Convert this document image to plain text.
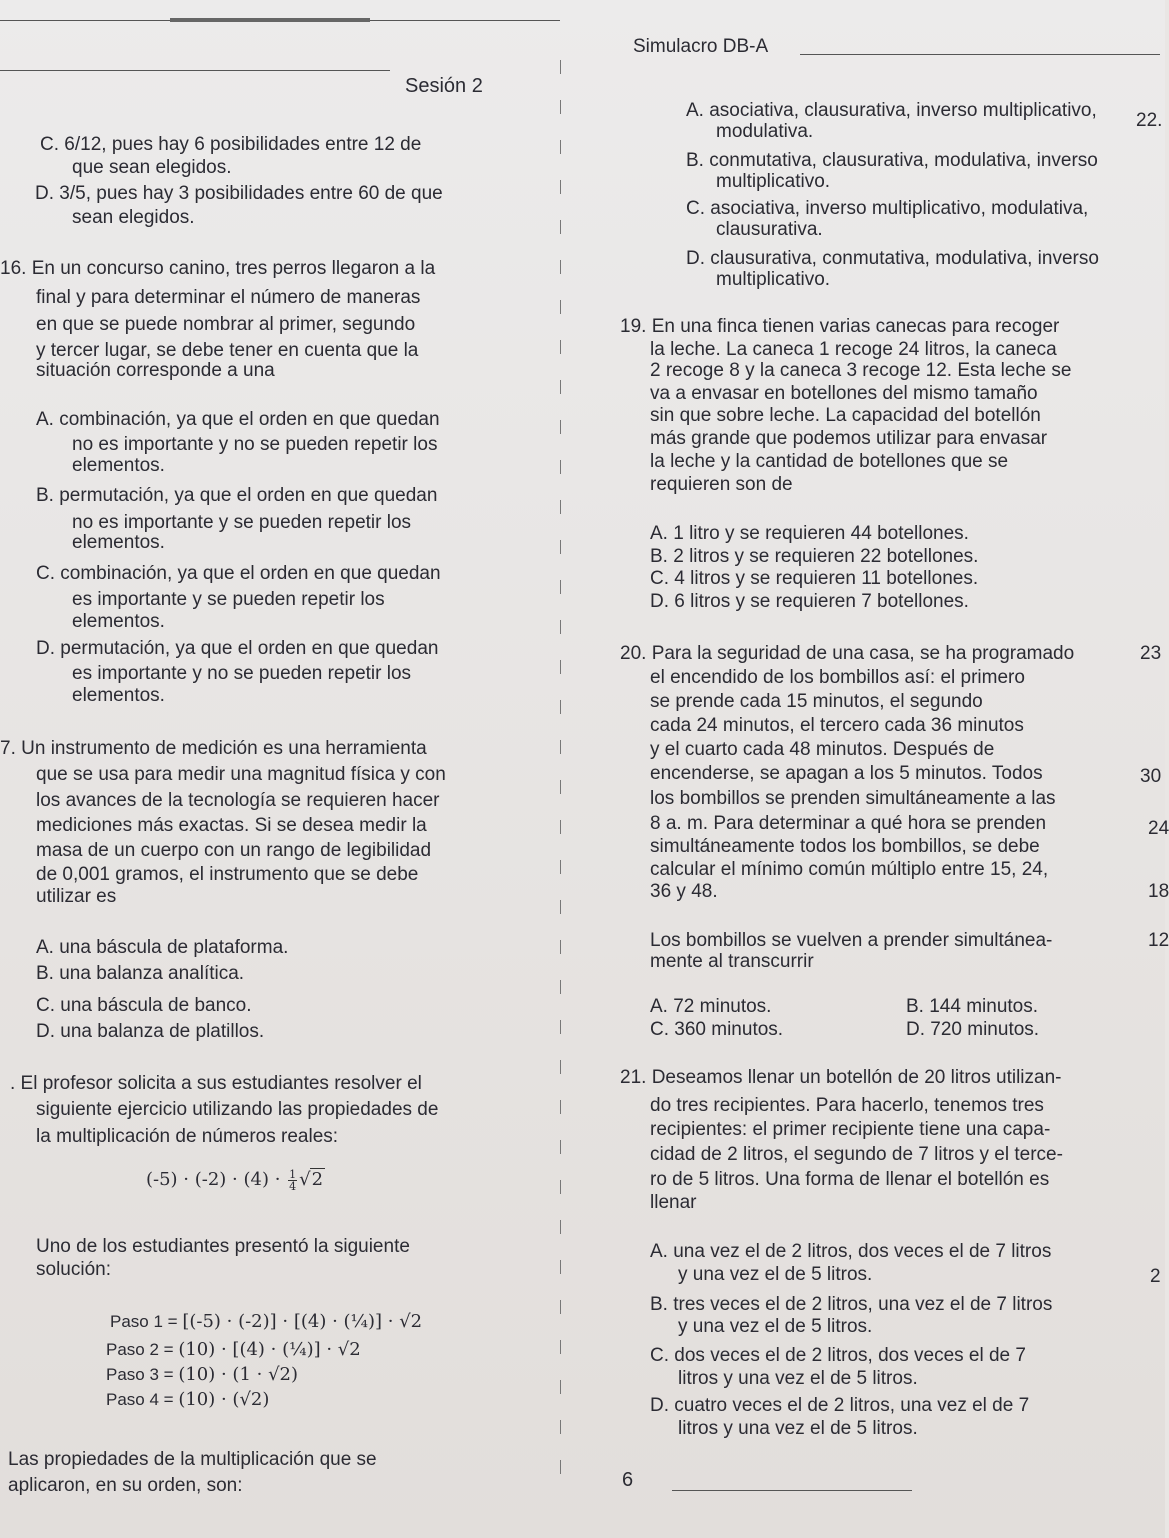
Simulacro DB-A
Sesión 2
C. 6/12, pues hay 6 posibilidades entre 12 de
que sean elegidos.
D. 3/5, pues hay 3 posibilidades entre 60 de que
sean elegidos.
16. En un concurso canino, tres perros llegaron a la
final y para determinar el número de maneras
en que se puede nombrar al primer, segundo
y tercer lugar, se debe tener en cuenta que la
situación corresponde a una
A. combinación, ya que el orden en que quedan
no es importante y no se pueden repetir los
elementos.
B. permutación, ya que el orden en que quedan
no es importante y se pueden repetir los
elementos.
C. combinación, ya que el orden en que quedan
es importante y se pueden repetir los
elementos.
D. permutación, ya que el orden en que quedan
es importante y no se pueden repetir los
elementos.
7. Un instrumento de medición es una herramienta
que se usa para medir una magnitud física y con
los avances de la tecnología se requieren hacer
mediciones más exactas. Si se desea medir la
masa de un cuerpo con un rango de legibilidad
de 0,001 gramos, el instrumento que se debe
utilizar es
A. una báscula de plataforma.
B. una balanza analítica.
C. una báscula de banco.
D. una balanza de platillos.
. El profesor solicita a sus estudiantes resolver el
siguiente ejercicio utilizando las propiedades de
la multiplicación de números reales:
$(-5) \cdot (-2) \cdot (4) \cdot \frac{1}{4} √2$
Uno de los estudiantes presentó la siguiente
solución:
Paso 1 = [(-5) · (-2)] · [(4) · (¼)] · √2
Paso 2 = (10) · [(4) · (¼)] · √2
Paso 3 = (10) · (1 · √2)
Paso 4 = (10) · (√2)
Las propiedades de la multiplicación que se
aplicaron, en su orden, son:
A. asociativa, clausurativa, inverso multiplicativo,
modulativa.
B. conmutativa, clausurativa, modulativa, inverso
multiplicativo.
C. asociativa, inverso multiplicativo, modulativa,
clausurativa.
D. clausurativa, conmutativa, modulativa, inverso
multiplicativo.
19. En una finca tienen varias canecas para recoger
la leche. La caneca 1 recoge 24 litros, la caneca
2 recoge 8 y la caneca 3 recoge 12. Esta leche se
va a envasar en botellones del mismo tamaño
sin que sobre leche. La capacidad del botellón
más grande que podemos utilizar para envasar
la leche y la cantidad de botellones que se
requieren son de
A. 1 litro y se requieren 44 botellones.
B. 2 litros y se requieren 22 botellones.
C. 4 litros y se requieren 11 botellones.
D. 6 litros y se requieren 7 botellones.
20. Para la seguridad de una casa, se ha programado
el encendido de los bombillos así: el primero
se prende cada 15 minutos, el segundo
cada 24 minutos, el tercero cada 36 minutos
y el cuarto cada 48 minutos. Después de
encenderse, se apagan a los 5 minutos. Todos
los bombillos se prenden simultáneamente a las
8 a. m. Para determinar a qué hora se prenden
simultáneamente todos los bombillos, se debe
calcular el mínimo común múltiplo entre 15, 24,
36 y 48.
Los bombillos se vuelven a prender simultánea-
mente al transcurrir
A. 72 minutos.	B. 144 minutos.
C. 360 minutos.	D. 720 minutos.
21. Deseamos llenar un botellón de 20 litros utilizan-
do tres recipientes. Para hacerlo, tenemos tres
recipientes: el primer recipiente tiene una capa-
cidad de 2 litros, el segundo de 7 litros y el terce-
ro de 5 litros. Una forma de llenar el botellón es
llenar
A. una vez el de 2 litros, dos veces el de 7 litros
y una vez el de 5 litros.
B. tres veces el de 2 litros, una vez el de 7 litros
y una vez el de 5 litros.
C. dos veces el de 2 litros, dos veces el de 7
litros y una vez el de 5 litros.
D. cuatro veces el de 2 litros, una vez el de 7
litros y una vez el de 5 litros.
6
22.
23
30
24
18
12
2
